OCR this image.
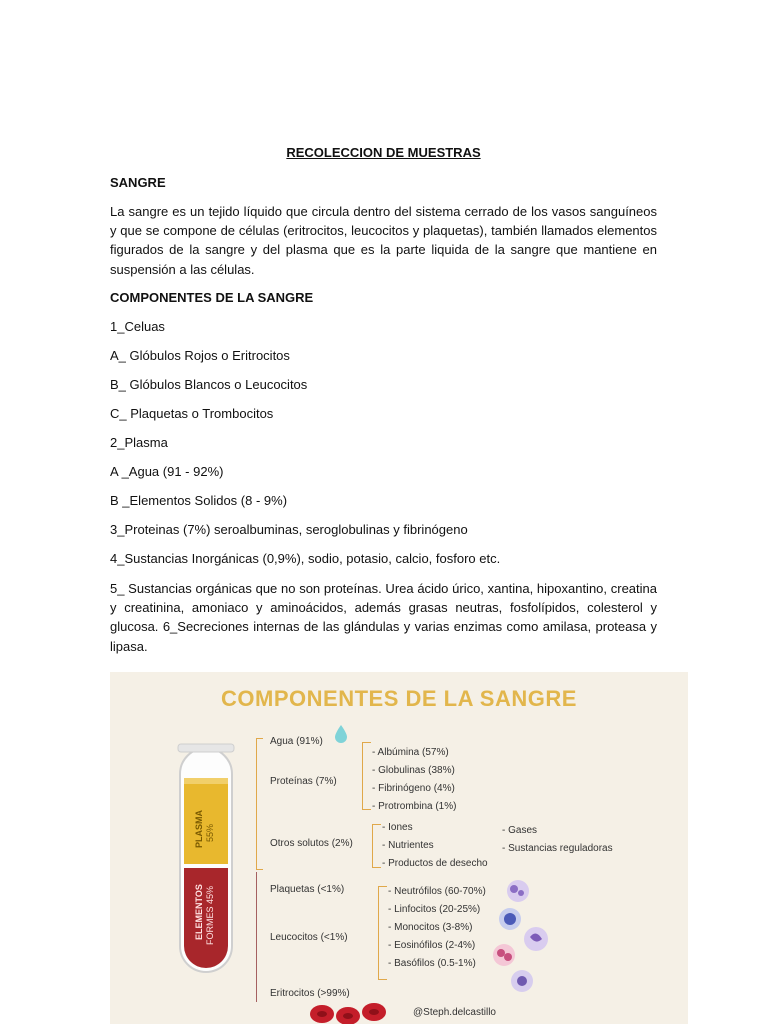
RECOLECCION DE MUESTRAS
SANGRE
La sangre es un tejido líquido que circula dentro del sistema cerrado de los vasos sanguíneos y que se compone de células (eritrocitos, leucocitos y plaquetas), también llamados elementos figurados de la sangre y del plasma que es la parte liquida de la sangre que mantiene en suspensión a las células.
COMPONENTES DE LA SANGRE
1_Celuas
A_ Glóbulos Rojos o Eritrocitos
B_ Glóbulos Blancos o Leucocitos
C_ Plaquetas o Trombocitos
2_Plasma
A _Agua (91 - 92%)
B _Elementos Solidos (8 - 9%)
3_Proteinas (7%) seroalbuminas, seroglobulinas y fibrinógeno
4_Sustancias Inorgánicas (0,9%), sodio, potasio, calcio, fosforo etc.
5_ Sustancias orgánicas que no son proteínas. Urea ácido úrico, xantina, hipoxantino, creatina y creatinina, amoniaco y aminoácidos, además grasas neutras, fosfolípidos, colesterol y glucosa. 6_Secreciones internas de las glándulas y varias enzimas como amilasa, proteasa y lipasa.
COMPONENTES DE LA SANGRE
PLASMA 55%
ELEMENTOS FORMES 45%
Agua (91%)
Proteínas (7%)
- Albúmina (57%)
- Globulinas (38%)
- Fibrinógeno (4%)
- Protrombina (1%)
Otros solutos (2%)
- Iones
- Nutrientes
- Productos de desecho
- Gases
- Sustancias reguladoras
Plaquetas (<1%)
Leucocitos (<1%)
- Neutrófilos (60-70%)
- Linfocitos (20-25%)
- Monocitos (3-8%)
- Eosinófilos (2-4%)
- Basófilos (0.5-1%)
Eritrocitos (>99%)
@Steph.delcastillo
